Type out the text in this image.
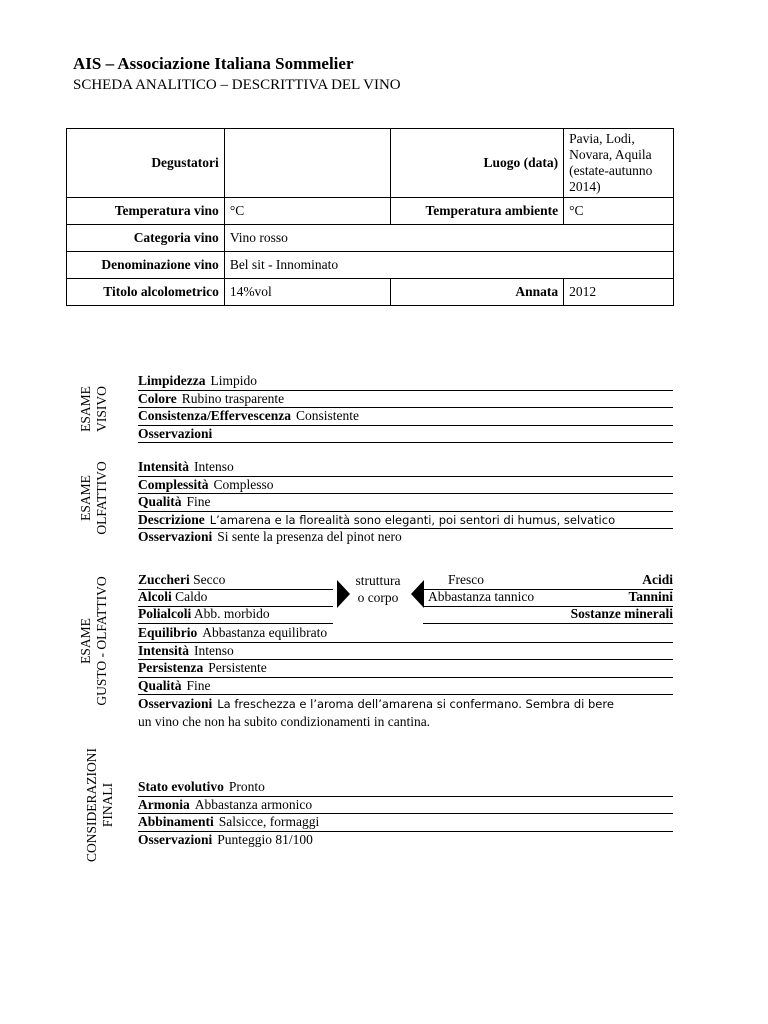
AIS – Associazione Italiana Sommelier
SCHEDA ANALITICO – DESCRITTIVA DEL VINO
Degustatori		Luogo (data)	Pavia, Lodi, Novara, Aquila (estate-autunno 2014)
Temperatura vino	°C	Temperatura ambiente	°C
Categoria vino	Vino rosso		
Denominazione vino	Bel sit - Innominato		
Titolo alcolometrico	14%vol	Annata	2012
ESAME VISIVO
Limpidezza Limpido
Colore Rubino trasparente
Consistenza/Effervescenza Consistente
Osservazioni
ESAME OLFATTIVO Intensità Intenso
Complessità Complesso
Qualità Fine
Descrizione L’amarena e la florealità sono eleganti, poi sentori di humus, selvatico
Osservazioni Si sente la presenza del pinot nero
ESAME GUSTO - OLFATTIVO Zuccheri Secco
Alcoli Caldo
Polialcoli Abb. morbido
struttura
o corpo
Fresco	Acidi
Abbastanza tannico	Tannini
Sostanze minerali
Equilibrio Abbastanza equilibrato
Intensità Intenso
Persistenza Persistente
Qualità Fine
Osservazioni La freschezza e l’aroma dell’amarena si confermano. Sembra di bere
un vino che non ha subito condizionamenti in cantina.
CONSIDERAZIONI FINALI Stato evolutivo Pronto
Armonia Abbastanza armonico
Abbinamenti Salsicce, formaggi
Osservazioni Punteggio 81/100
